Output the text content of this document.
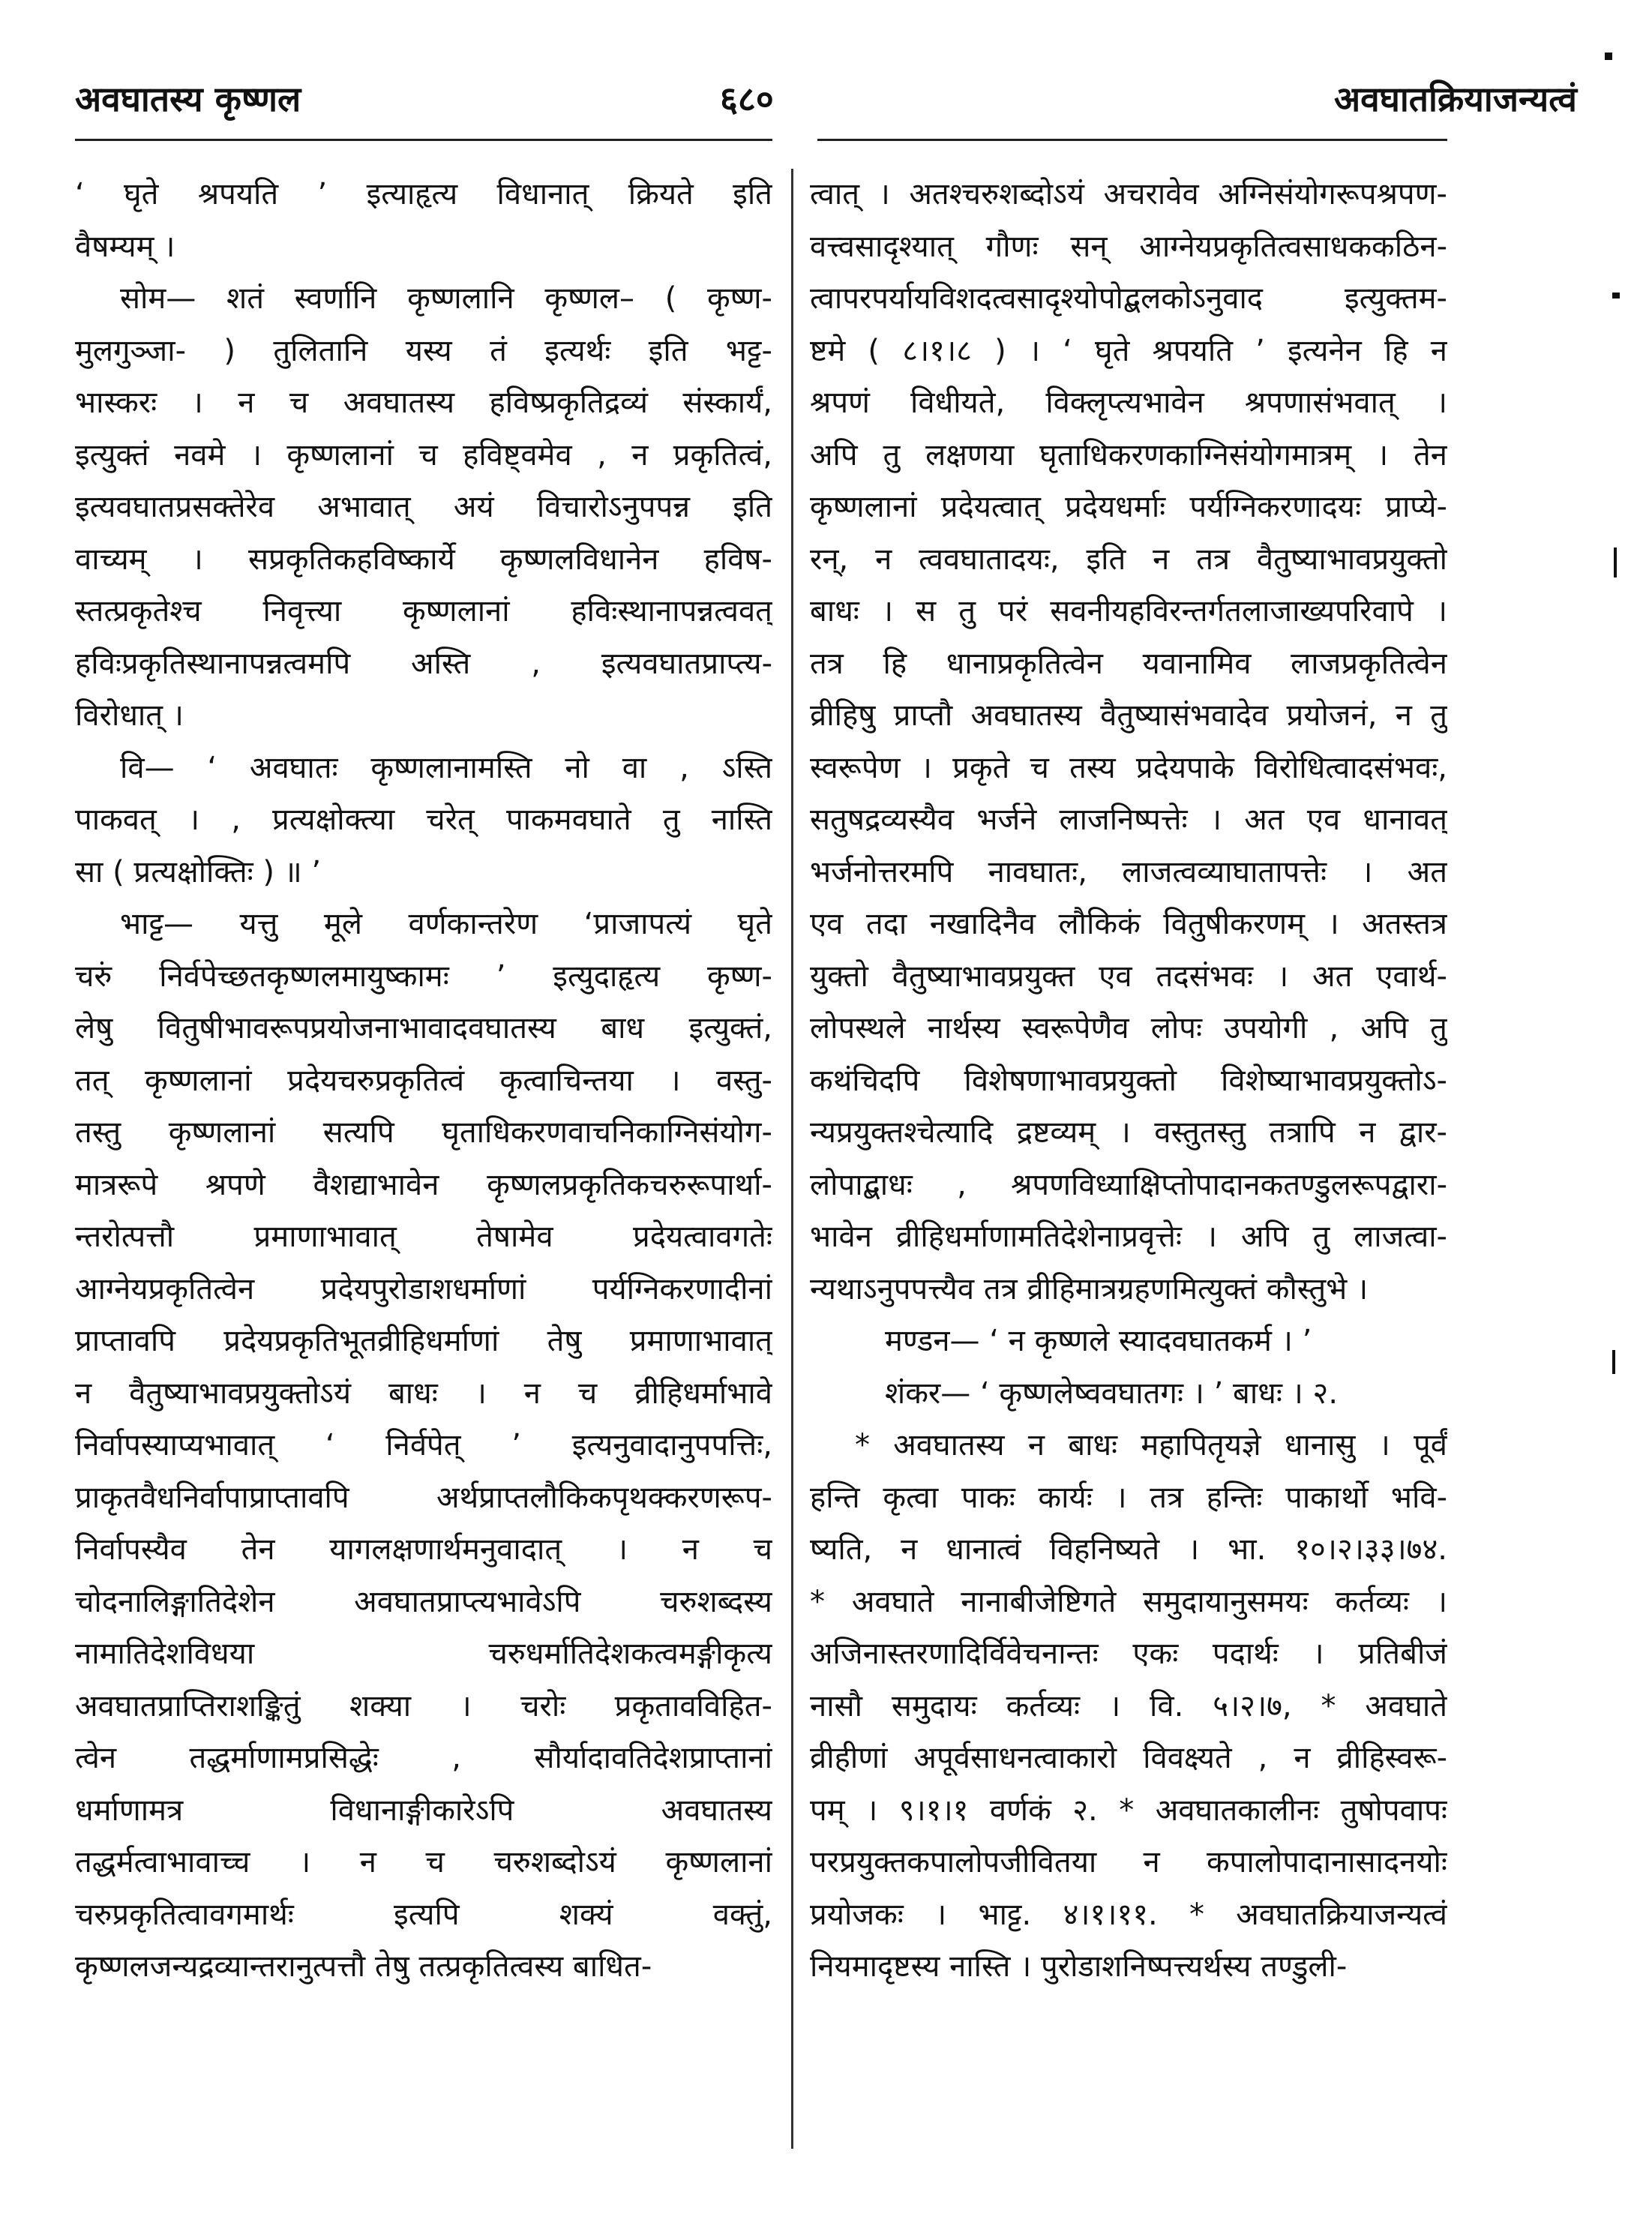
अवघातस्य कृष्णल	६८०	अवघातक्रियाजन्यत्वं
‘ घृते श्रपयति ’ इत्याहृत्य विधानात् क्रियते इति
वैषम्यम् ।
सोम— शतं स्वर्णानि कृष्णलानि कृष्णल– ( कृष्ण-
मुलगुञ्जा- ) तुलितानि यस्य तं इत्यर्थः इति भट्ट-
भास्करः । न च अवघातस्य हविष्प्रकृतिद्रव्यं संस्कार्यं,
इत्युक्तं नवमे । कृष्णलानां च हविष्ट्वमेव , न प्रकृतित्वं,
इत्यवघातप्रसक्तेरेव अभावात् अयं विचारोऽनुपपन्न इति
वाच्यम् । सप्रकृतिकहविष्कार्ये कृष्णलविधानेन हविष-
स्तत्प्रकृतेश्च निवृत्त्या कृष्णलानां हविःस्थानापन्नत्ववत्
हविःप्रकृतिस्थानापन्नत्वमपि अस्ति , इत्यवघातप्राप्त्य-
विरोधात् ।
वि— ‘ अवघातः कृष्णलानामस्ति नो वा , ऽस्ति
पाकवत् । , प्रत्यक्षोक्त्या चरेत् पाकमवघाते तु नास्ति
सा ( प्रत्यक्षोक्तिः ) ॥ ’
भाट्ट— यत्तु मूले वर्णकान्तरेण ‘प्राजापत्यं घृते
चरुं निर्वपेच्छतकृष्णलमायुष्कामः ’ इत्युदाहृत्य कृष्ण-
लेषु वितुषीभावरूपप्रयोजनाभावादवघातस्य बाध इत्युक्तं,
तत् कृष्णलानां प्रदेयचरुप्रकृतित्वं कृत्वाचिन्तया । वस्तु-
तस्तु कृष्णलानां सत्यपि घृताधिकरणवाचनिकाग्निसंयोग-
मात्ररूपे श्रपणे वैशद्याभावेन कृष्णलप्रकृतिकचरुरूपार्था-
न्तरोत्पत्तौ प्रमाणाभावात् तेषामेव प्रदेयत्वावगतेः
आग्नेयप्रकृतित्वेन प्रदेयपुरोडाशधर्माणां पर्यग्निकरणादीनां
प्राप्तावपि प्रदेयप्रकृतिभूतव्रीहिधर्माणां तेषु प्रमाणाभावात्
न वैतुष्याभावप्रयुक्तोऽयं बाधः । न च व्रीहिधर्माभावे
निर्वापस्याप्यभावात् ‘ निर्वपेत् ’ इत्यनुवादानुपपत्तिः,
प्राकृतवैधनिर्वापाप्राप्तावपि अर्थप्राप्तलौकिकपृथक्करणरूप-
निर्वापस्यैव तेन यागलक्षणार्थमनुवादात् । न च
चोदनालिङ्गातिदेशेन अवघातप्राप्त्यभावेऽपि चरुशब्दस्य
नामातिदेशविधया चरुधर्मातिदेशकत्वमङ्गीकृत्य
अवघातप्राप्तिराशङ्कितुं शक्या । चरोः प्रकृतावविहित-
त्वेन तद्धर्माणामप्रसिद्धेः , सौर्यादावतिदेशप्राप्तानां
धर्माणामत्र विधानाङ्गीकारेऽपि अवघातस्य
तद्धर्मत्वाभावाच्च । न च चरुशब्दोऽयं कृष्णलानां
चरुप्रकृतित्वावगमार्थः इत्यपि शक्यं वक्तुं,
कृष्णलजन्यद्रव्यान्तरानुत्पत्तौ तेषु तत्प्रकृतित्वस्य बाधित-
त्वात् । अतश्चरुशब्दोऽयं अचरावेव अग्निसंयोगरूपश्रपण-
वत्त्वसादृश्यात् गौणः सन् आग्नेयप्रकृतित्वसाधककठिन-
त्वापरपर्यायविशदत्वसादृश्योपोद्बलकोऽनुवाद इत्युक्तम-
ष्टमे ( ८।१।८ ) । ‘ घृते श्रपयति ’ इत्यनेन हि न
श्रपणं विधीयते, विक्लृप्त्यभावेन श्रपणासंभवात् ।
अपि तु लक्षणया घृताधिकरणकाग्निसंयोगमात्रम् । तेन
कृष्णलानां प्रदेयत्वात् प्रदेयधर्माः पर्यग्निकरणादयः प्राप्ये-
रन्, न त्ववघातादयः, इति न तत्र वैतुष्याभावप्रयुक्तो
बाधः । स तु परं सवनीयहविरन्तर्गतलाजाख्यपरिवापे ।
तत्र हि धानाप्रकृतित्वेन यवानामिव लाजप्रकृतित्वेन
व्रीहिषु प्राप्तौ अवघातस्य वैतुष्यासंभवादेव प्रयोजनं, न तु
स्वरूपेण । प्रकृते च तस्य प्रदेयपाके विरोधित्वादसंभवः,
सतुषद्रव्यस्यैव भर्जने लाजनिष्पत्तेः । अत एव धानावत्
भर्जनोत्तरमपि नावघातः, लाजत्वव्याघातापत्तेः । अत
एव तदा नखादिनैव लौकिकं वितुषीकरणम् । अतस्तत्र
युक्तो वैतुष्याभावप्रयुक्त एव तदसंभवः । अत एवार्थ-
लोपस्थले नार्थस्य स्वरूपेणैव लोपः उपयोगी , अपि तु
कथंचिदपि विशेषणाभावप्रयुक्तो विशेष्याभावप्रयुक्तोऽ-
न्यप्रयुक्तश्चेत्यादि द्रष्टव्यम् । वस्तुतस्तु तत्रापि न द्वार-
लोपाद्बाधः , श्रपणविध्याक्षिप्तोपादानकतण्डुलरूपद्वारा-
भावेन व्रीहिधर्माणामतिदेशेनाप्रवृत्तेः । अपि तु लाजत्वा-
न्यथाऽनुपपत्त्यैव तत्र व्रीहिमात्रग्रहणमित्युक्तं कौस्तुभे ।
मण्डन— ‘ न कृष्णले स्यादवघातकर्म । ’
शंकर— ‘ कृष्णलेष्ववघातगः । ’ बाधः । २.
* अवघातस्य न बाधः महापितृयज्ञे धानासु । पूर्वं
हन्ति कृत्वा पाकः कार्यः । तत्र हन्तिः पाकार्थो भवि-
ष्यति, न धानात्वं विहनिष्यते । भा. १०।२।३३।७४.
* अवघाते नानाबीजेष्टिगते समुदायानुसमयः कर्तव्यः ।
अजिनास्तरणादिर्विवेचनान्तः एकः पदार्थः । प्रतिबीजं
नासौ समुदायः कर्तव्यः । वि. ५।२।७, * अवघाते
व्रीहीणां अपूर्वसाधनत्वाकारो विवक्ष्यते , न व्रीहिस्वरू-
पम् । ९।१।१ वर्णकं २. * अवघातकालीनः तुषोपवापः
परप्रयुक्तकपालोपजीवितया न कपालोपादानासादनयोः
प्रयोजकः । भाट्ट. ४।१।११. * अवघातक्रियाजन्यत्वं
नियमादृष्टस्य नास्ति । पुरोडाशनिष्पत्त्यर्थस्य तण्डुली-
